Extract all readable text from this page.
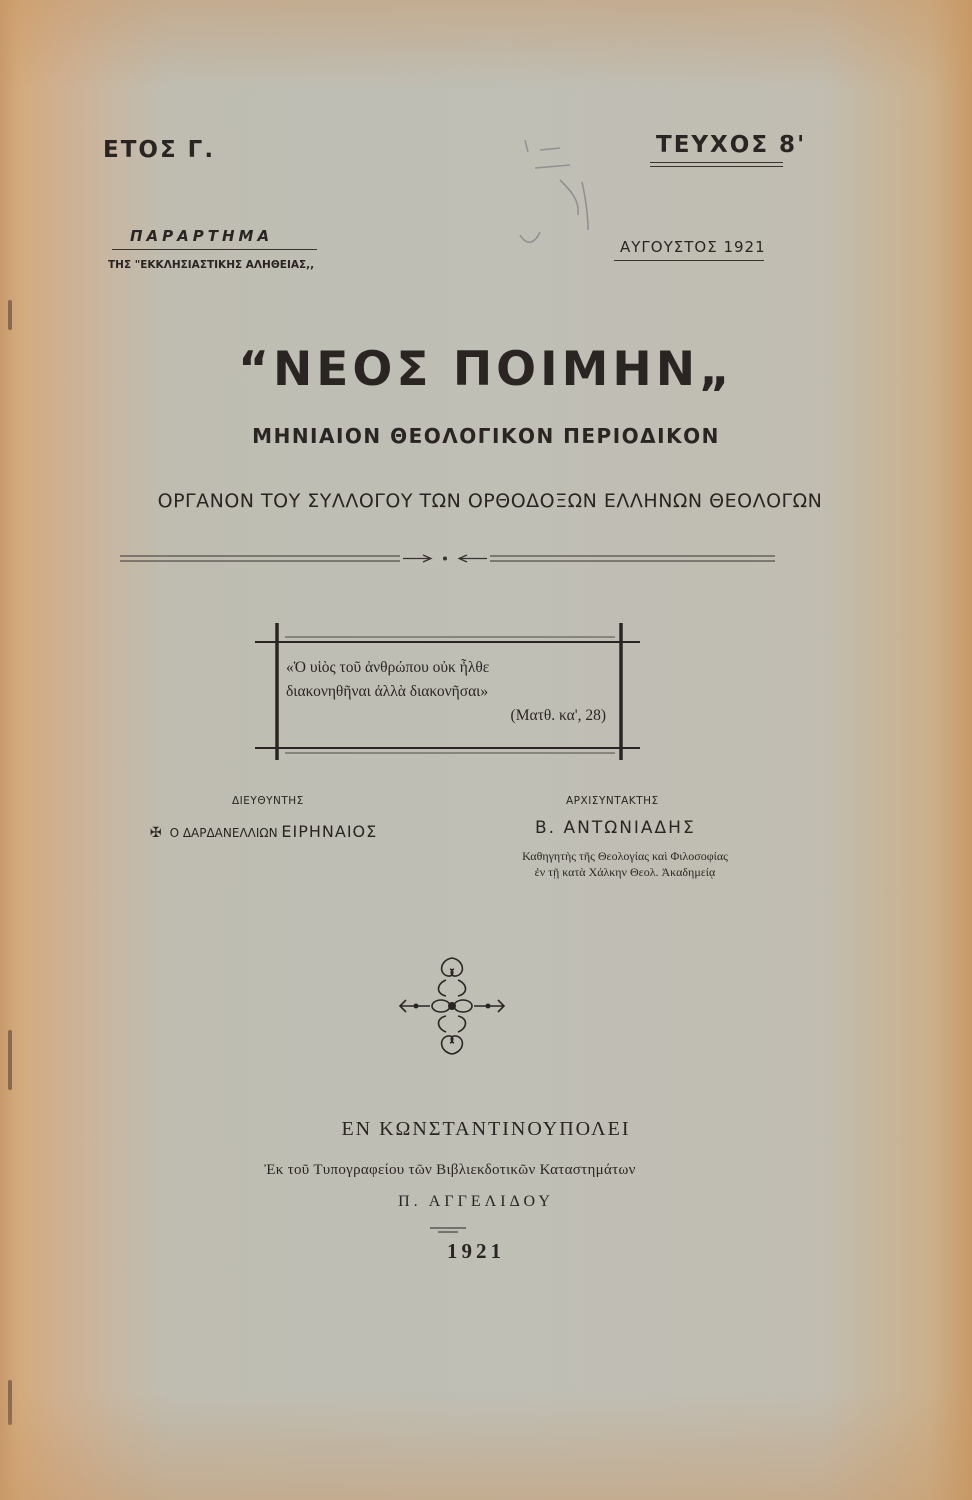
ΕΤΟΣ Γ.	ΤΕΥΧΟΣ 8'
ΠΑΡΑΡΤΗΜΑ
ΤΗΣ "ΕΚΚΛΗΣΙΑΣΤΙΚΗΣ ΑΛΗΘΕΙΑΣ,,
ΑΥΓΟΥΣΤΟΣ 1921
“ΝΕΟΣ ΠΟΙΜΗΝ„
ΜΗΝΙΑΙΟΝ ΘΕΟΛΟΓΙΚΟΝ ΠΕΡΙΟΔΙΚΟΝ
ΟΡΓΑΝΟΝ ΤΟΥ ΣΥΛΛΟΓΟΥ ΤΩΝ ΟΡΘΟΔΟΞΩΝ ΕΛΛΗΝΩΝ ΘΕΟΛΟΓΩΝ
«Ὁ υἱὸς τοῦ ἀνθρώπου οὐκ ἦλθε
διακονηθῆναι ἀλλὰ διακονῆσαι»
(Ματθ. κα', 28)
ΔΙΕΥΘΥΝΤΗΣ
✠ Ο ΔΑΡΔΑΝΕΛΛΙΩΝ ΕΙΡΗΝΑΙΟΣ
ΑΡΧΙΣΥΝΤΑΚΤΗΣ
Β. ΑΝΤΩΝΙΑΔΗΣ
Καθηγητὴς τῆς Θεολογίας καὶ Φιλοσοφίας
ἐν τῇ κατὰ Χάλκην Θεολ. Ἀκαδημείᾳ
ΕΝ ΚΩΝΣΤΑΝΤΙΝΟΥΠΟΛΕΙ
Ἐκ τοῦ Τυπογραφείου τῶν Βιβλιεκδοτικῶν Καταστημάτων
Π. ΑΓΓΕΛΙΔΟΥ
1921
